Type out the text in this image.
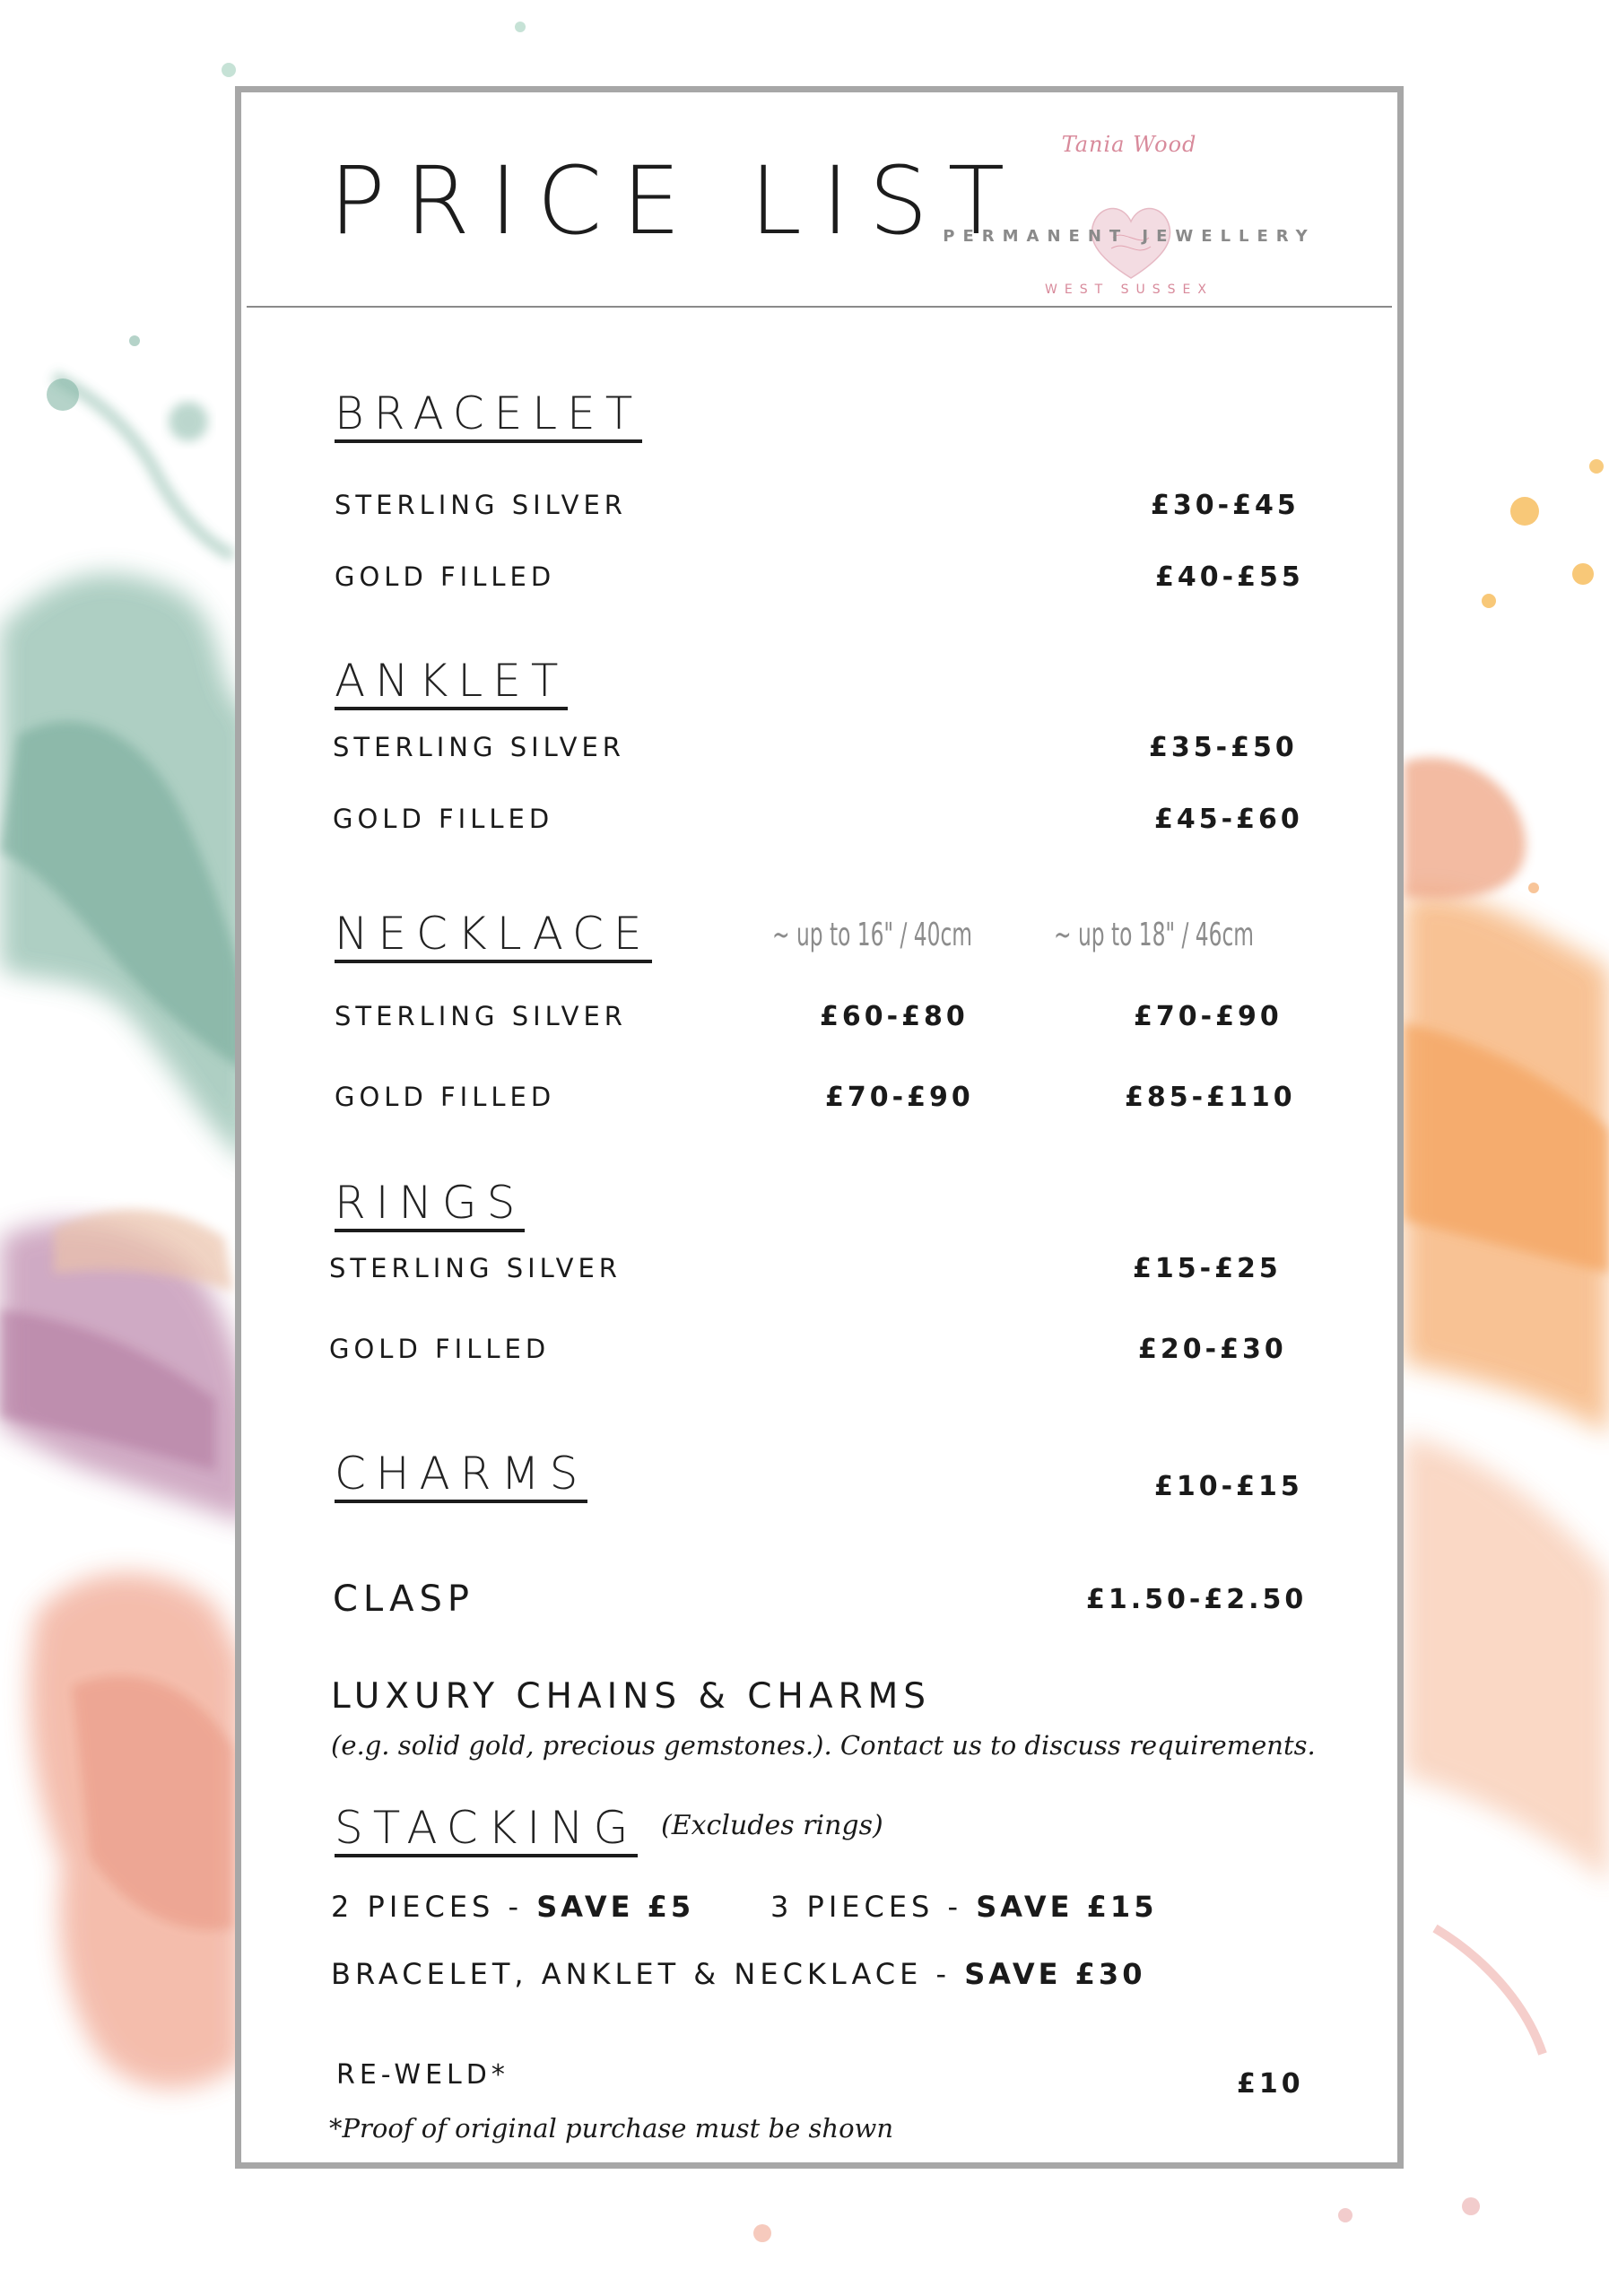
PRICE LIST
Tania Wood
PERMANENT JEWELLERY
WEST SUSSEX
BRACELET
STERLING SILVER	£30-£45
GOLD FILLED	£40-£55
ANKLET
STERLING SILVER	£35-£50
GOLD FILLED	£45-£60
NECKLACE	~ up to 16" / 40cm	~ up to 18" / 46cm
STERLING SILVER	£60-£80	£70-£90
GOLD FILLED	£70-£90	£85-£110
RINGS
STERLING SILVER	£15-£25
GOLD FILLED	£20-£30
CHARMS	£10-£15
CLASP	£1.50-£2.50
LUXURY CHAINS & CHARMS
(e.g. solid gold, precious gemstones.). Contact us to discuss requirements.
STACKING (Excludes rings)
2 PIECES - SAVE £5	3 PIECES - SAVE £15
BRACELET, ANKLET & NECKLACE - SAVE £30
RE-WELD*	£10
*Proof of original purchase must be shown
